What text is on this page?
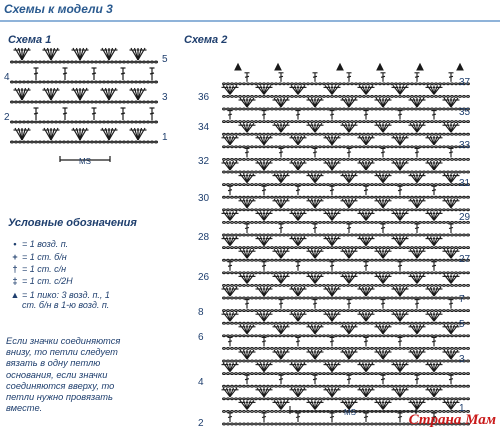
Схемы к модели 3
Схема 1	Схема 2
5
4
3
2
1
MS
36
34
32
30
28
26
8
6
4
2
37
35
33
31
29
27
7
5
3
1
MS
Условные обозначения
• = 1 возд. п.
+ = 1 ст. б/н
† = 1 ст. с/н
‡ = 1 ст. с/2Н
▲ = 1 пико: 3 возд. п., 1 ст. б/н в 1-ю возд. п.
Если значки соединяются внизу, то петли следует вязать в одну петлю основания, если значки соединяются вверху, то петли нужно провязать вместе.
Страна Мам
